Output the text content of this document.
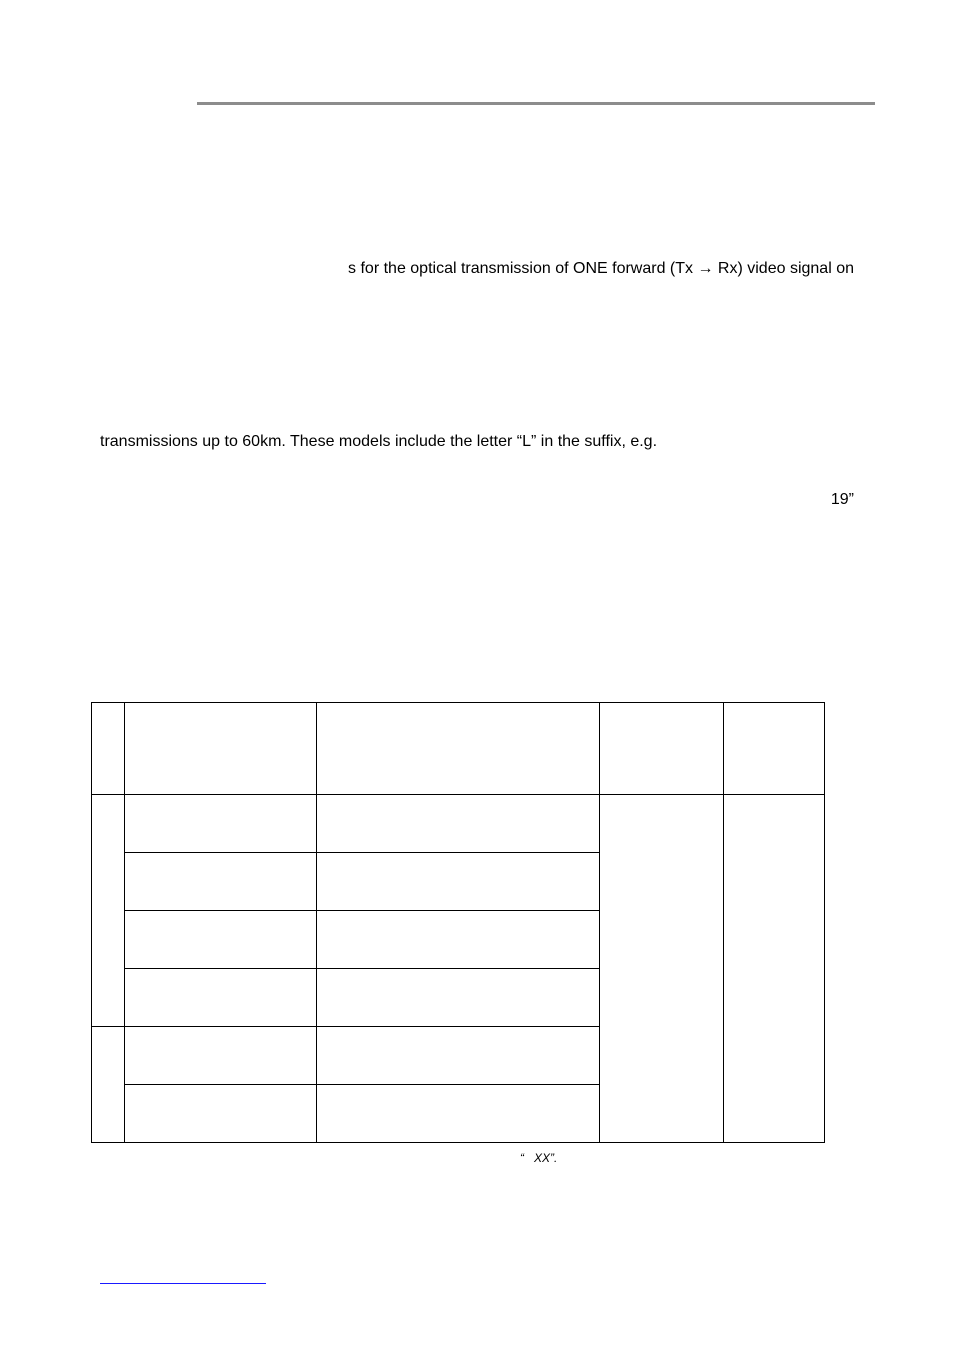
s for the optical transmission of ONE forward (Tx → Rx) video signal on
transmissions up to 60km. These models include the letter “L” in the suffix, e.g.
19”

“ XX”.
